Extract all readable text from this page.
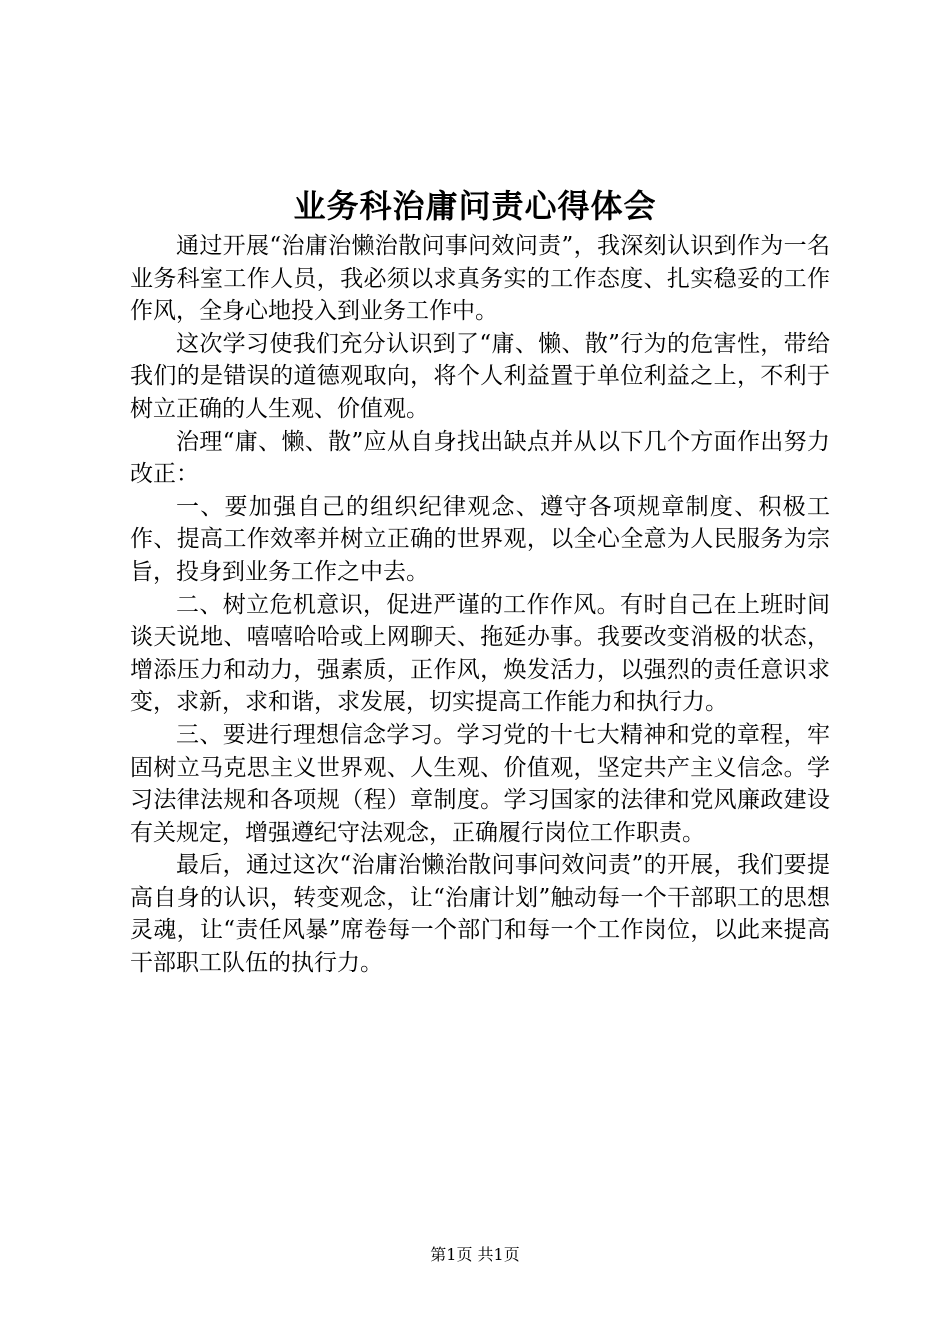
业务科治庸问责心得体会

通过开展“治庸治懒治散问事问效问责”，我深刻认识到作为一名业务科室工作人员，我必须以求真务实的工作态度、扎实稳妥的工作作风，全身心地投入到业务工作中。

这次学习使我们充分认识到了“庸、懒、散”行为的危害性，带给我们的是错误的道德观取向，将个人利益置于单位利益之上，不利于树立正确的人生观、价值观。

治理“庸、懒、散”应从自身找出缺点并从以下几个方面作出努力改正：

一、要加强自己的组织纪律观念、遵守各项规章制度、积极工作、提高工作效率并树立正确的世界观，以全心全意为人民服务为宗旨，投身到业务工作之中去。

二、树立危机意识，促进严谨的工作作风。有时自己在上班时间谈天说地、嘻嘻哈哈或上网聊天、拖延办事。我要改变消极的状态，增添压力和动力，强素质，正作风，焕发活力，以强烈的责任意识求变，求新，求和谐，求发展，切实提高工作能力和执行力。

三、要进行理想信念学习。学习党的十七大精神和党的章程，牢固树立马克思主义世界观、人生观、价值观，坚定共产主义信念。学习法律法规和各项规（程）章制度。学习国家的法律和党风廉政建设有关规定，增强遵纪守法观念，正确履行岗位工作职责。

最后，通过这次“治庸治懒治散问事问效问责”的开展，我们要提高自身的认识，转变观念，让“治庸计划”触动每一个干部职工的思想灵魂，让“责任风暴”席卷每一个部门和每一个工作岗位，以此来提高干部职工队伍的执行力。

第1页 共1页
